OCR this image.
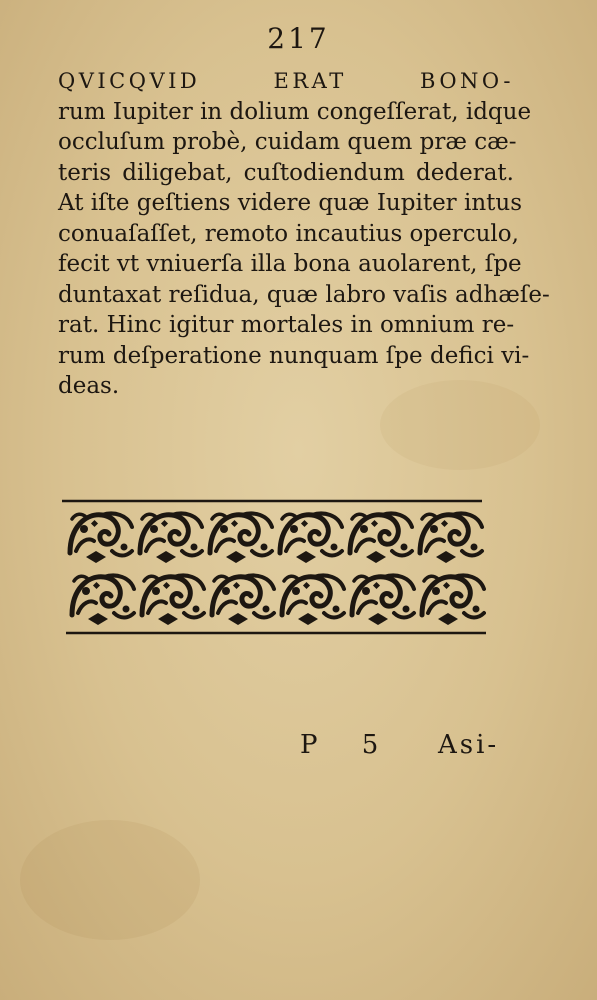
217
QVICQVID ERAT BONO-
rum Iupiter in dolium congeſſerat, idque
occluſum probè, cuidam quem præ cæ-
teris diligebat, cuſtodiendum dederat.
At iſte geſtiens videre quæ Iupiter intus
conuaſaſſet, remoto incautius operculo,
fecit vt vniuerſa illa bona auolarent, ſpe
duntaxat reſidua, quæ labro vaſis adhæſe-
rat. Hinc igitur mortales in omnium re-
rum deſperatione nunquam ſpe defici vi-
deas.
P 5 Asi-
